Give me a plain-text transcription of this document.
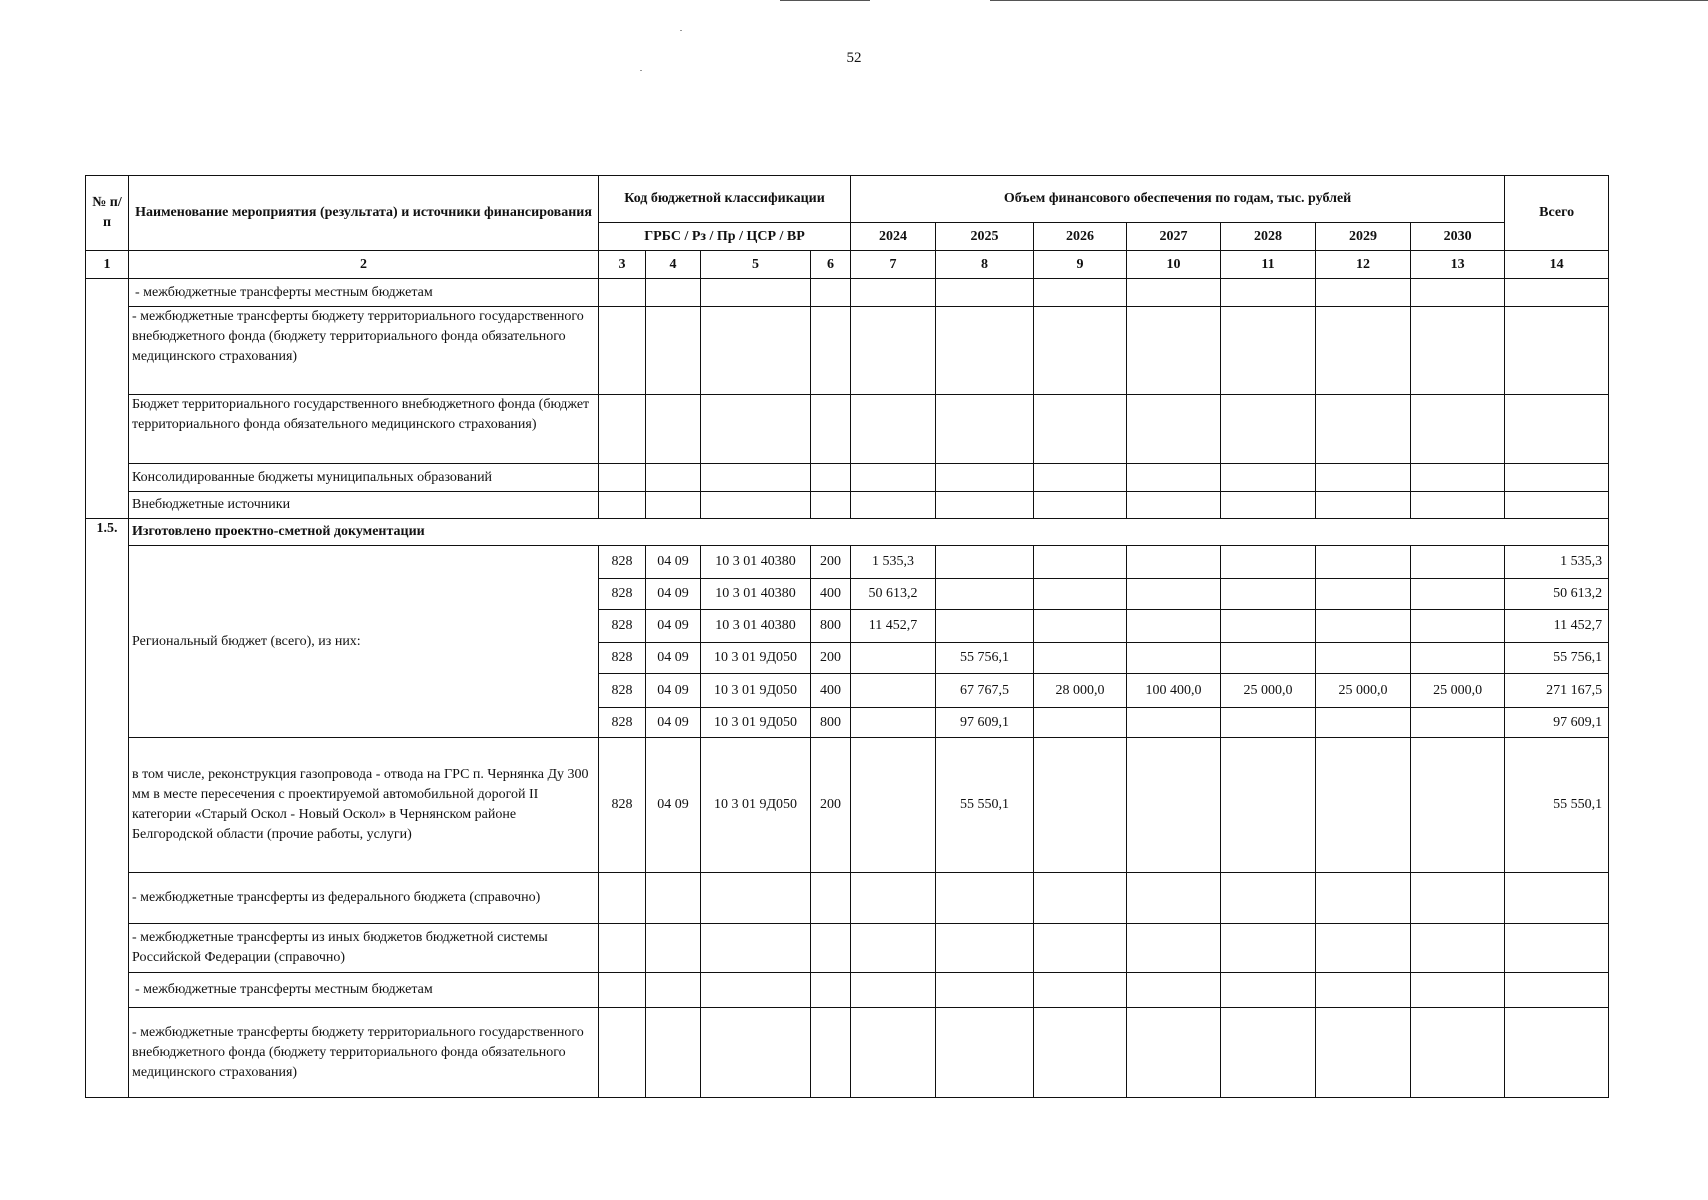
52
№ п/п	Наименование мероприятия (результата) и источники финансирования	Код бюджетной классификации				Объем финансового обеспечения по годам, тыс. рублей							Всего
		ГРБС / Рз / Пр / ЦСР / ВР				2024	2025	2026	2027	2028	2029	2030	
1	2	3	4	5	6	7	8	9	10	11	12	13	14
	- межбюджетные трансферты местным бюджетам												
	- межбюджетные трансферты бюджету территориального государственного внебюджетного фонда (бюджету территориального фонда обязательного медицинского страхования)												
	Бюджет территориального государственного внебюджетного фонда (бюджет территориального фонда обязательного медицинского страхования)												
	Консолидированные бюджеты муниципальных образований												
	Внебюджетные источники												
1.5.	Изготовлено проектно-сметной документации												
	Региональный бюджет (всего), из них:	828	04 09	10 3 01 40380	200	1 535,3							1 535,3
		828	04 09	10 3 01 40380	400	50 613,2							50 613,2
		828	04 09	10 3 01 40380	800	11 452,7							11 452,7
		828	04 09	10 3 01 9Д050	200		55 756,1						55 756,1
		828	04 09	10 3 01 9Д050	400		67 767,5	28 000,0	100 400,0	25 000,0	25 000,0	25 000,0	271 167,5
		828	04 09	10 3 01 9Д050	800		97 609,1						97 609,1
	в том числе, реконструкция газопровода - отвода на ГРС п. Чернянка Ду 300 мм в месте пересечения с проектируемой автомобильной дорогой II категории «Старый Оскол - Новый Оскол» в Чернянском районе Белгородской области (прочие работы, услуги)	828	04 09	10 3 01 9Д050	200		55 550,1						55 550,1
	- межбюджетные трансферты из федерального бюджета (справочно)												
	- межбюджетные трансферты из иных бюджетов бюджетной системы Российской Федерации (справочно)												
	- межбюджетные трансферты местным бюджетам												
	- межбюджетные трансферты бюджету территориального государственного внебюджетного фонда (бюджету территориального фонда обязательного медицинского страхования)												
